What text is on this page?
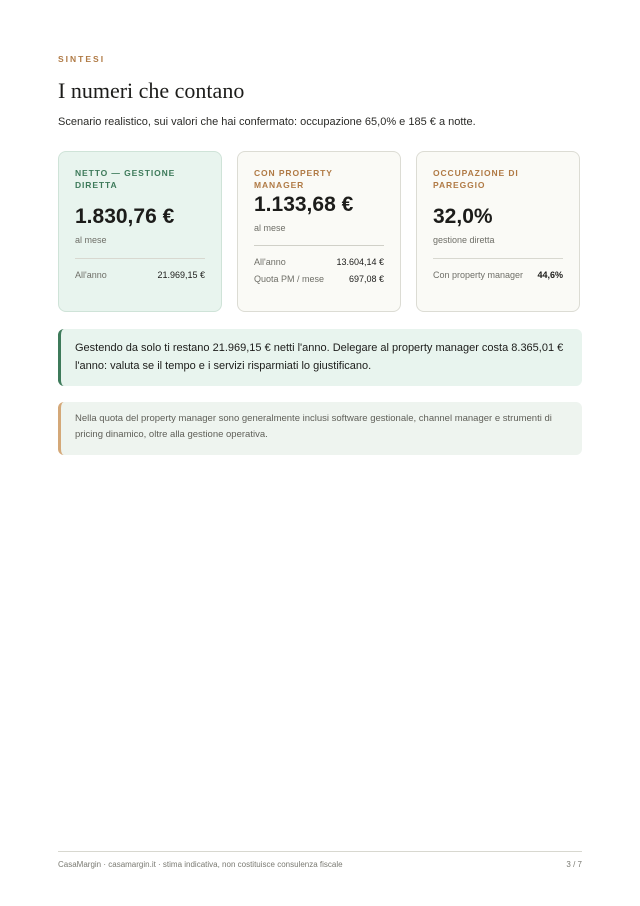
SINTESI
I numeri che contano

Scenario realistico, sui valori che hai confermato: occupazione 65,0% e 185 € a notte.

NETTO — GESTIONE DIRETTA
1.830,76 €
al mese
All'anno	21.969,15 €
CON PROPERTY MANAGER
1.133,68 €
al mese
All'anno	13.604,14 €
Quota PM / mese	697,08 €
OCCUPAZIONE DI PAREGGIO
32,0%
gestione diretta
Con property manager 44,6%
Gestendo da solo ti restano 21.969,15 € netti l'anno. Delegare al property manager costa 8.365,01 € l'anno: valuta se il tempo e i servizi risparmiati lo giustificano.
Nella quota del property manager sono generalmente inclusi software gestionale, channel manager e strumenti di pricing dinamico, oltre alla gestione operativa.
CasaMargin · casamargin.it · stima indicativa, non costituisce consulenza fiscale	3 / 7
